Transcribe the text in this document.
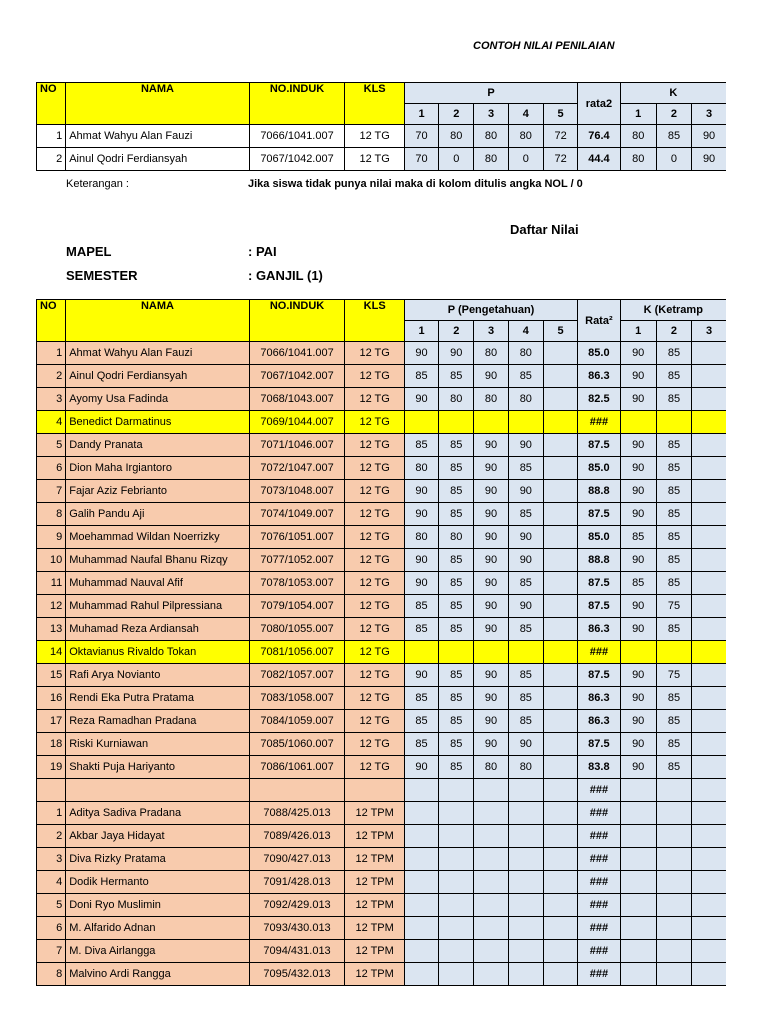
CONTOH NILAI PENILAIAN
NO	NAMA	NO.INDUK	KLS	P					rata2	K		
				1	2	3	4	5		1	2	3
1	Ahmat Wahyu Alan Fauzi	7066/1041.007	12 TG	70	80	80	80	72	76.4	80	85	90
2	Ainul Qodri Ferdiansyah	7067/1042.007	12 TG	70	0	80	0	72	44.4	80	0	90
Keterangan :	Jika siswa tidak punya nilai maka di kolom ditulis angka NOL / 0
Daftar Nilai
MAPEL	: PAI
SEMESTER	: GANJIL (1)
NO	NAMA	NO.INDUK	KLS	P (Pengetahuan)					Rata²	K (Ketramp		
				1	2	3	4	5		1	2	3
1	Ahmat Wahyu Alan Fauzi	7066/1041.007	12 TG	90	90	80	80		85.0	90	85	
2	Ainul Qodri Ferdiansyah	7067/1042.007	12 TG	85	85	90	85		86.3	90	85	
3	Ayomy Usa Fadinda	7068/1043.007	12 TG	90	80	80	80		82.5	90	85	
4	Benedict Darmatinus	7069/1044.007	12 TG						###			
5	Dandy Pranata	7071/1046.007	12 TG	85	85	90	90		87.5	90	85	
6	Dion Maha Irgiantoro	7072/1047.007	12 TG	80	85	90	85		85.0	90	85	
7	Fajar Aziz Febrianto	7073/1048.007	12 TG	90	85	90	90		88.8	90	85	
8	Galih Pandu Aji	7074/1049.007	12 TG	90	85	90	85		87.5	90	85	
9	Moehammad Wildan Noerrizky	7076/1051.007	12 TG	80	80	90	90		85.0	85	85	
10	Muhammad Naufal Bhanu Rizqy	7077/1052.007	12 TG	90	85	90	90		88.8	90	85	
11	Muhammad Nauval Afif	7078/1053.007	12 TG	90	85	90	85		87.5	85	85	
12	Muhammad Rahul Pilpressiana	7079/1054.007	12 TG	85	85	90	90		87.5	90	75	
13	Muhamad Reza Ardiansah	7080/1055.007	12 TG	85	85	90	85		86.3	90	85	
14	Oktavianus Rivaldo Tokan	7081/1056.007	12 TG						###			
15	Rafi Arya Novianto	7082/1057.007	12 TG	90	85	90	85		87.5	90	75	
16	Rendi Eka Putra Pratama	7083/1058.007	12 TG	85	85	90	85		86.3	90	85	
17	Reza Ramadhan Pradana	7084/1059.007	12 TG	85	85	90	85		86.3	90	85	
18	Riski Kurniawan	7085/1060.007	12 TG	85	85	90	90		87.5	90	85	
19	Shakti Puja Hariyanto	7086/1061.007	12 TG	90	85	80	80		83.8	90	85	
									###			
1	Aditya Sadiva Pradana	7088/425.013	12 TPM						###			
2	Akbar Jaya Hidayat	7089/426.013	12 TPM						###			
3	Diva Rizky Pratama	7090/427.013	12 TPM						###			
4	Dodik Hermanto	7091/428.013	12 TPM						###			
5	Doni Ryo Muslimin	7092/429.013	12 TPM						###			
6	M. Alfarido Adnan	7093/430.013	12 TPM						###			
7	M. Diva Airlangga	7094/431.013	12 TPM						###			
8	Malvino Ardi Rangga	7095/432.013	12 TPM						###			
